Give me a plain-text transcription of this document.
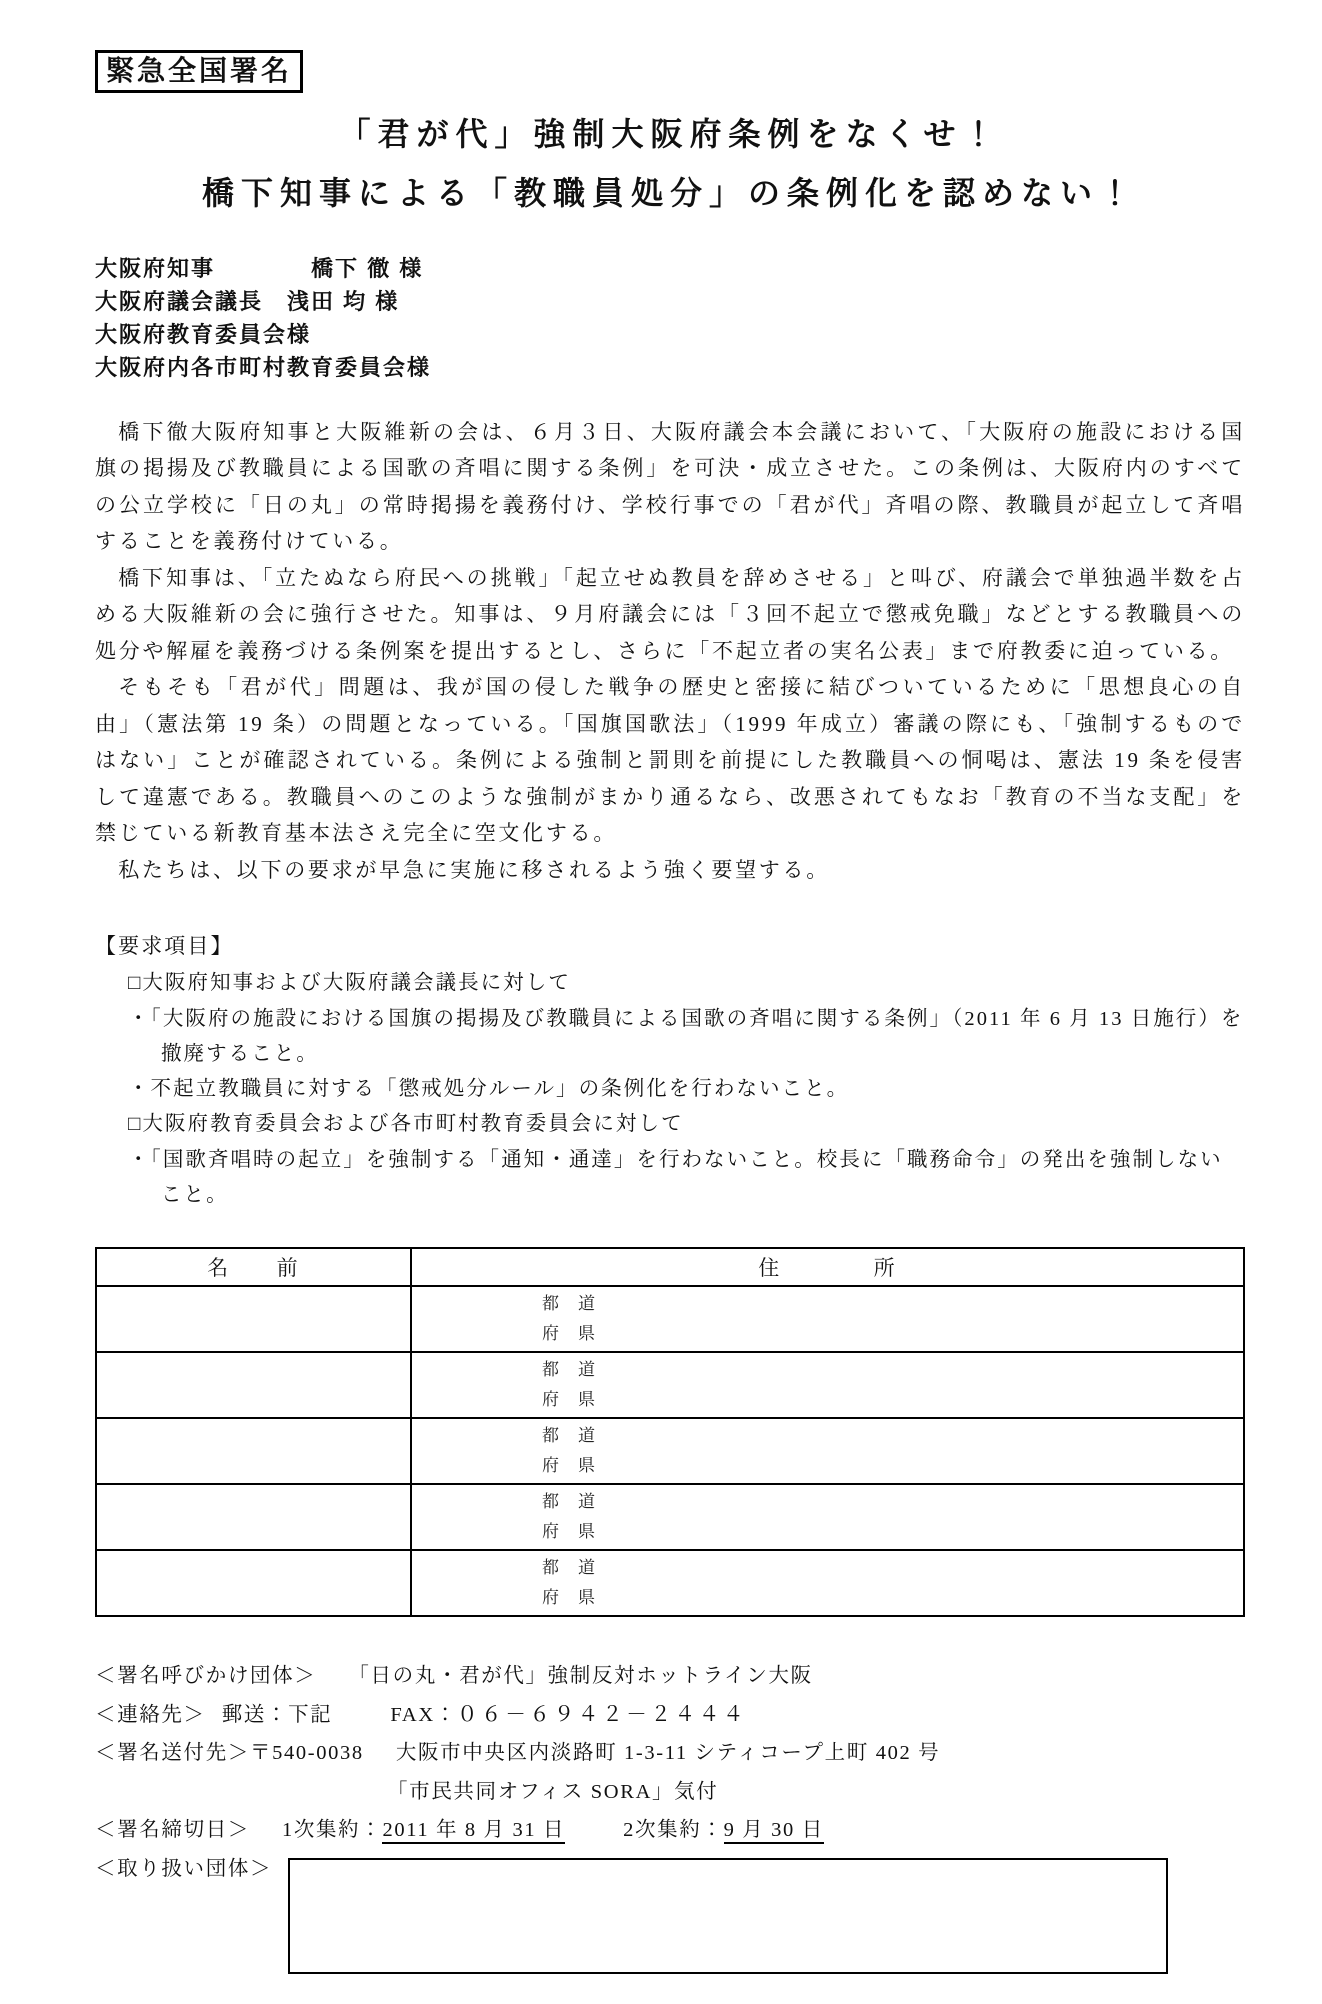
緊急全国署名

「君が代」強制大阪府条例をなくせ！

橋下知事による「教職員処分」の条例化を認めない！

大阪府知事　　　　橋下 徹 様

大阪府議会議長　浅田 均 様

大阪府教育委員会様

大阪府内各市町村教育委員会様

橋下徹大阪府知事と大阪維新の会は、６月３日、大阪府議会本会議において、「大阪府の施設における国旗の掲揚及び教職員による国歌の斉唱に関する条例」を可決・成立させた。この条例は、大阪府内のすべての公立学校に「日の丸」の常時掲揚を義務付け、学校行事での「君が代」斉唱の際、教職員が起立して斉唱することを義務付けている。

橋下知事は、「立たぬなら府民への挑戦」「起立せぬ教員を辞めさせる」と叫び、府議会で単独過半数を占める大阪維新の会に強行させた。知事は、９月府議会には「３回不起立で懲戒免職」などとする教職員への処分や解雇を義務づける条例案を提出するとし、さらに「不起立者の実名公表」まで府教委に迫っている。

そもそも「君が代」問題は、我が国の侵した戦争の歴史と密接に結びついているために「思想良心の自由」（憲法第 19 条）の問題となっている。「国旗国歌法」（1999 年成立）審議の際にも、「強制するものではない」ことが確認されている。条例による強制と罰則を前提にした教職員への恫喝は、憲法 19 条を侵害して違憲である。教職員へのこのような強制がまかり通るなら、改悪されてもなお「教育の不当な支配」を禁じている新教育基本法さえ完全に空文化する。

私たちは、以下の要求が早急に実施に移されるよう強く要望する。

【要求項目】

□大阪府知事および大阪府議会議長に対して

・「大阪府の施設における国旗の掲揚及び教職員による国歌の斉唱に関する条例」（2011 年 6 月 13 日施行）を撤廃すること。

・不起立教職員に対する「懲戒処分ルール」の条例化を行わないこと。

□大阪府教育委員会および各市町村教育委員会に対して

・「国歌斉唱時の起立」を強制する「通知・通達」を行わないこと。校長に「職務命令」の発出を強制しないこと。

名　　前	住　　　　所

	都　道
府　県

	都　道
府　県

	都　道
府　県

	都　道
府　県

	都　道
府　県

＜署名呼びかけ団体＞ 「日の丸・君が代」強制反対ホットライン大阪

＜連絡先＞ 郵送：下記	FAX：０６－６９４２－２４４４

＜署名送付先＞〒540-0038 大阪市中央区内淡路町 1-3-11 シティコープ上町 402 号

「市民共同オフィス SORA」気付

＜署名締切日＞ 1次集約：2011 年 8 月 31 日	2次集約：9 月 30 日

＜取り扱い団体＞
